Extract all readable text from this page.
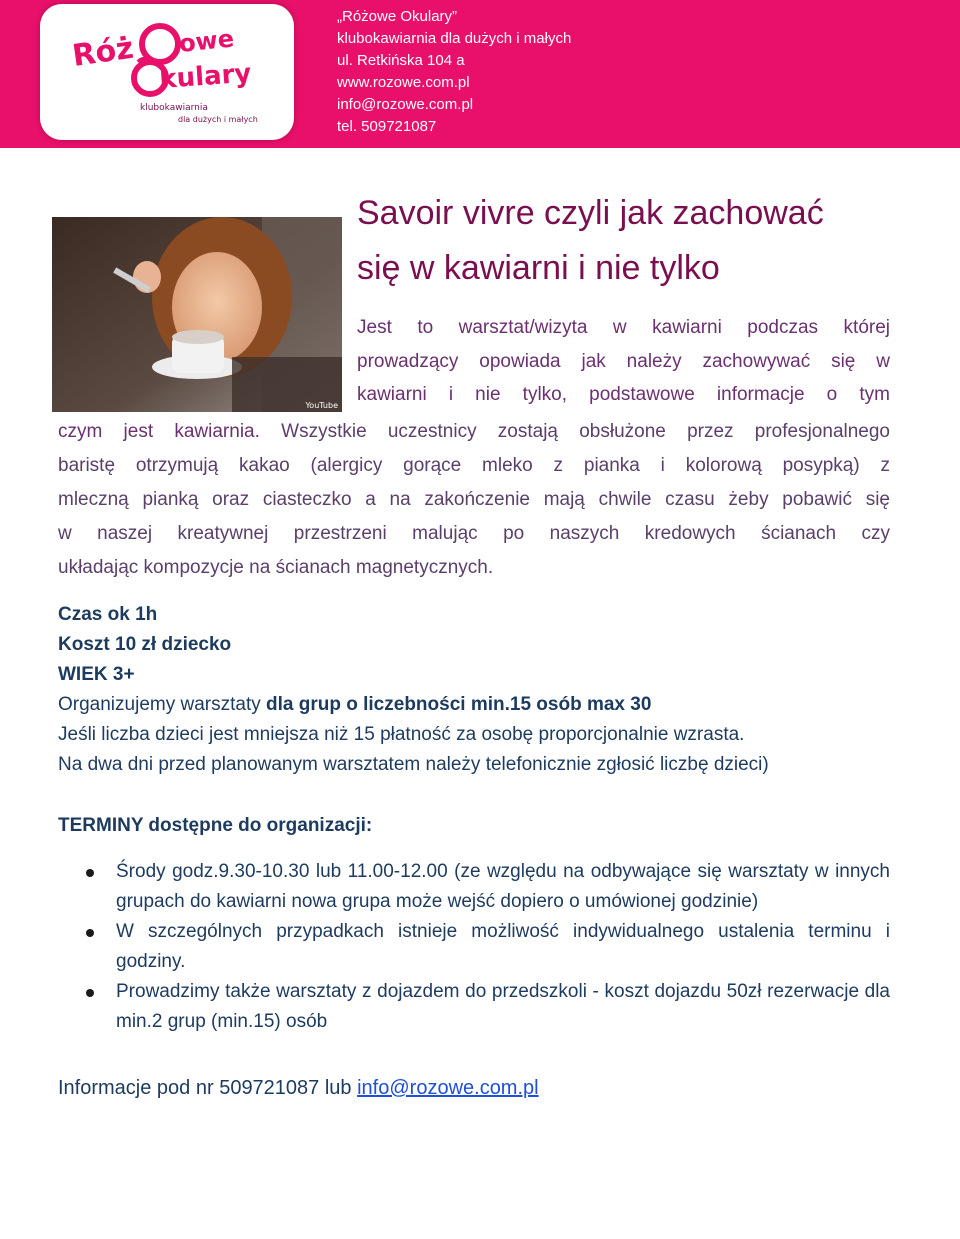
Róż owe
kulary
klubokawiarnia
dla dużych i małych
„Różowe Okulary”
klubokawiarnia dla dużych i małych
ul. Retkińska 104 a
www.rozowe.com.pl
info@rozowe.com.pl
tel. 509721087
YouTube
Savoir vivre czyli jak zachować
się w kawiarni i nie tylko
Jest to warsztat/wizyta w kawiarni podczas której
prowadzący opowiada jak należy zachowywać się w
kawiarni i nie tylko, podstawowe informacje o tym
czym jest kawiarnia. Wszystkie uczestnicy zostają obsłużone przez profesjonalnego
baristę otrzymują kakao (alergicy gorące mleko z pianka i kolorową posypką) z
mleczną pianką oraz ciasteczko a na zakończenie mają chwile czasu żeby pobawić się
w naszej kreatywnej przestrzeni malując po naszych kredowych ścianach czy
układając kompozycje na ścianach magnetycznych.
Czas ok 1h
Koszt 10 zł dziecko
WIEK 3+
Organizujemy warsztaty dla grup o liczebności min.15 osób max 30
Jeśli liczba dzieci jest mniejsza niż 15 płatność za osobę proporcjonalnie wzrasta.
Na dwa dni przed planowanym warsztatem należy telefonicznie zgłosić liczbę dzieci)
TERMINY dostępne do organizacji:
Środy godz.9.30-10.30 lub 11.00-12.00 (ze względu na odbywające się warsztaty w innych grupach do kawiarni nowa grupa może wejść dopiero o umówionej godzinie)
W szczególnych przypadkach istnieje możliwość indywidualnego ustalenia terminu i godziny.
Prowadzimy także warsztaty z dojazdem do przedszkoli - koszt dojazdu 50zł rezerwacje dla min.2 grup (min.15) osób
Informacje pod nr 509721087 lub info@rozowe.com.pl
